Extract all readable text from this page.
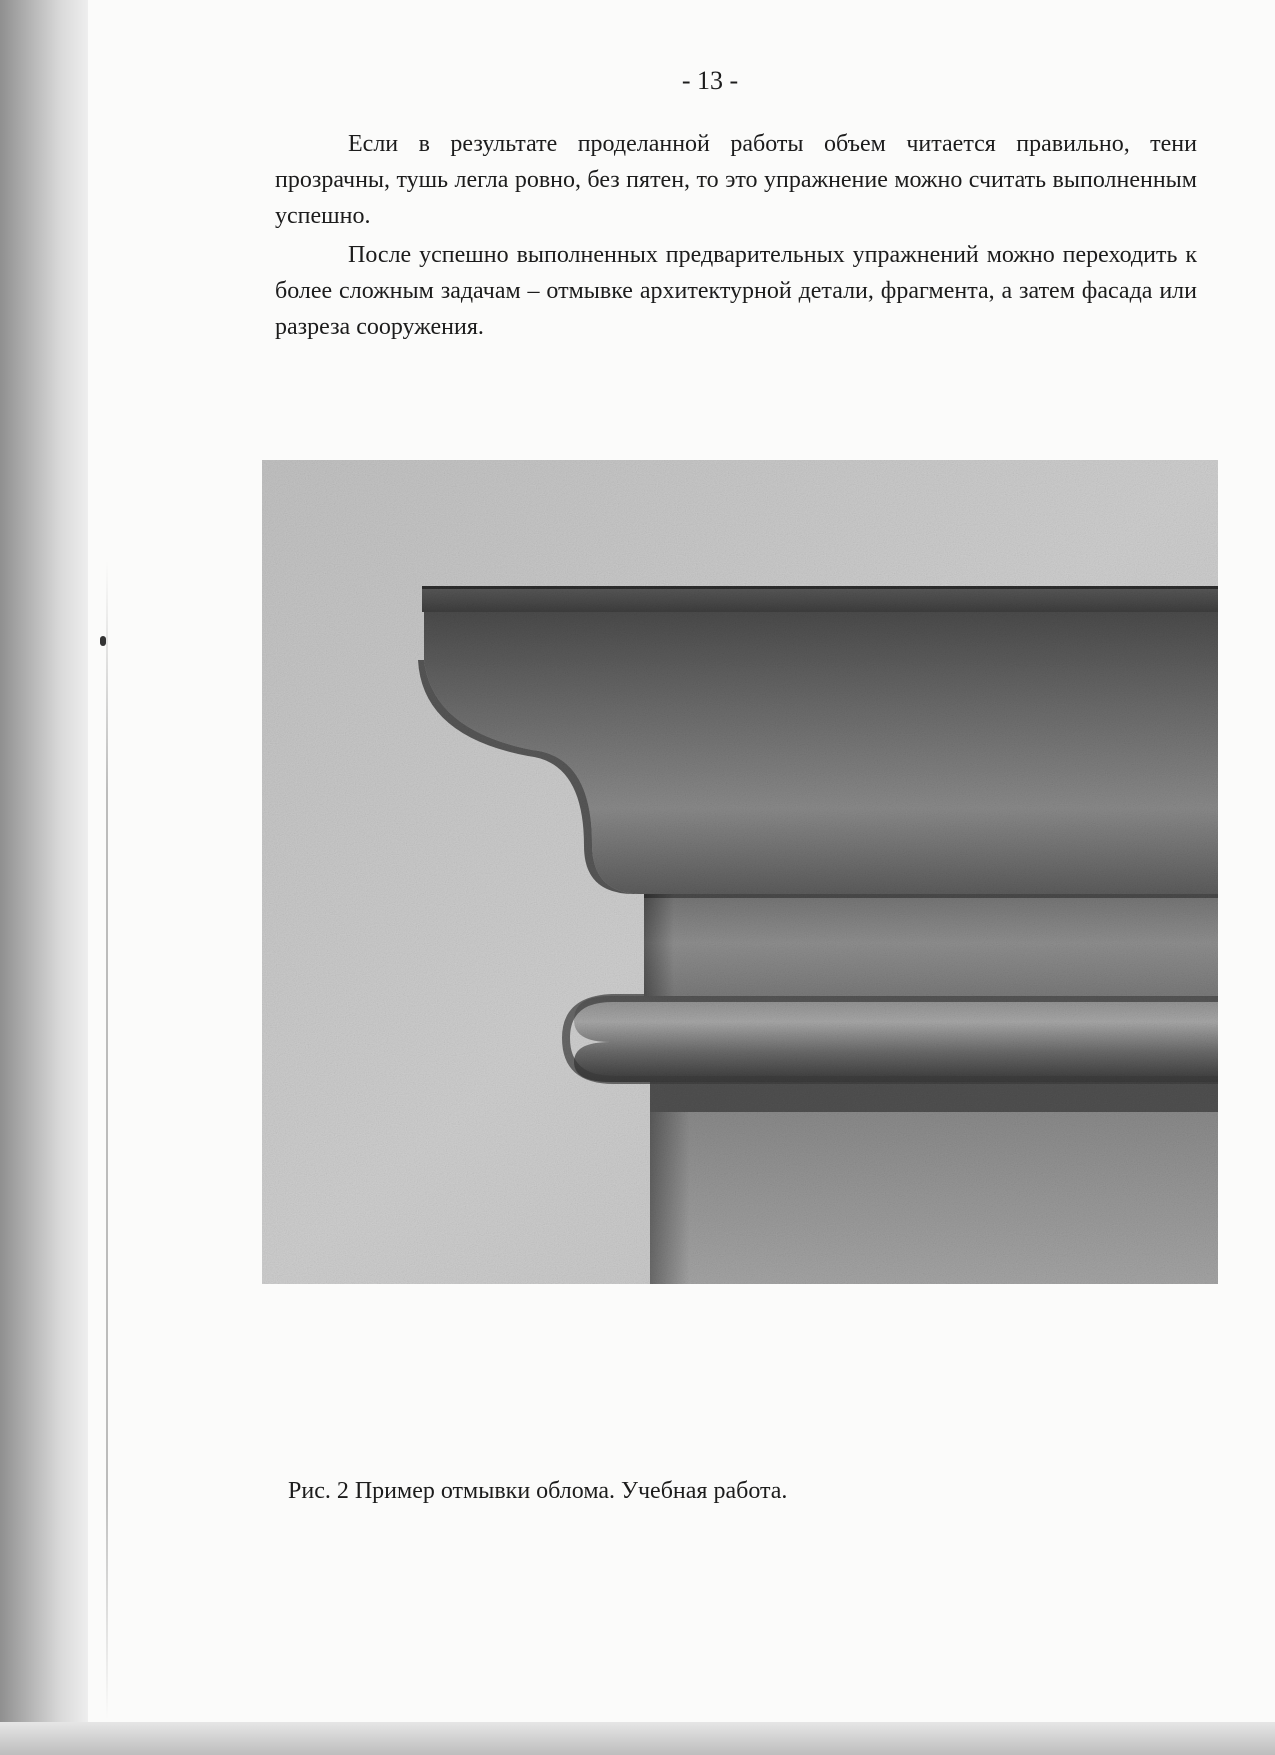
- 13 -

Если в результате проделанной работы объем читается правильно, тени прозрачны, тушь легла ровно, без пятен, то это упражнение можно считать выполненным успешно.

После успешно выполненных предварительных упражнений можно переходить к более сложным задачам – отмывке архитектурной детали, фрагмента, а затем фасада или разреза сооружения.

Рис. 2 Пример отмывки облома. Учебная работа.
